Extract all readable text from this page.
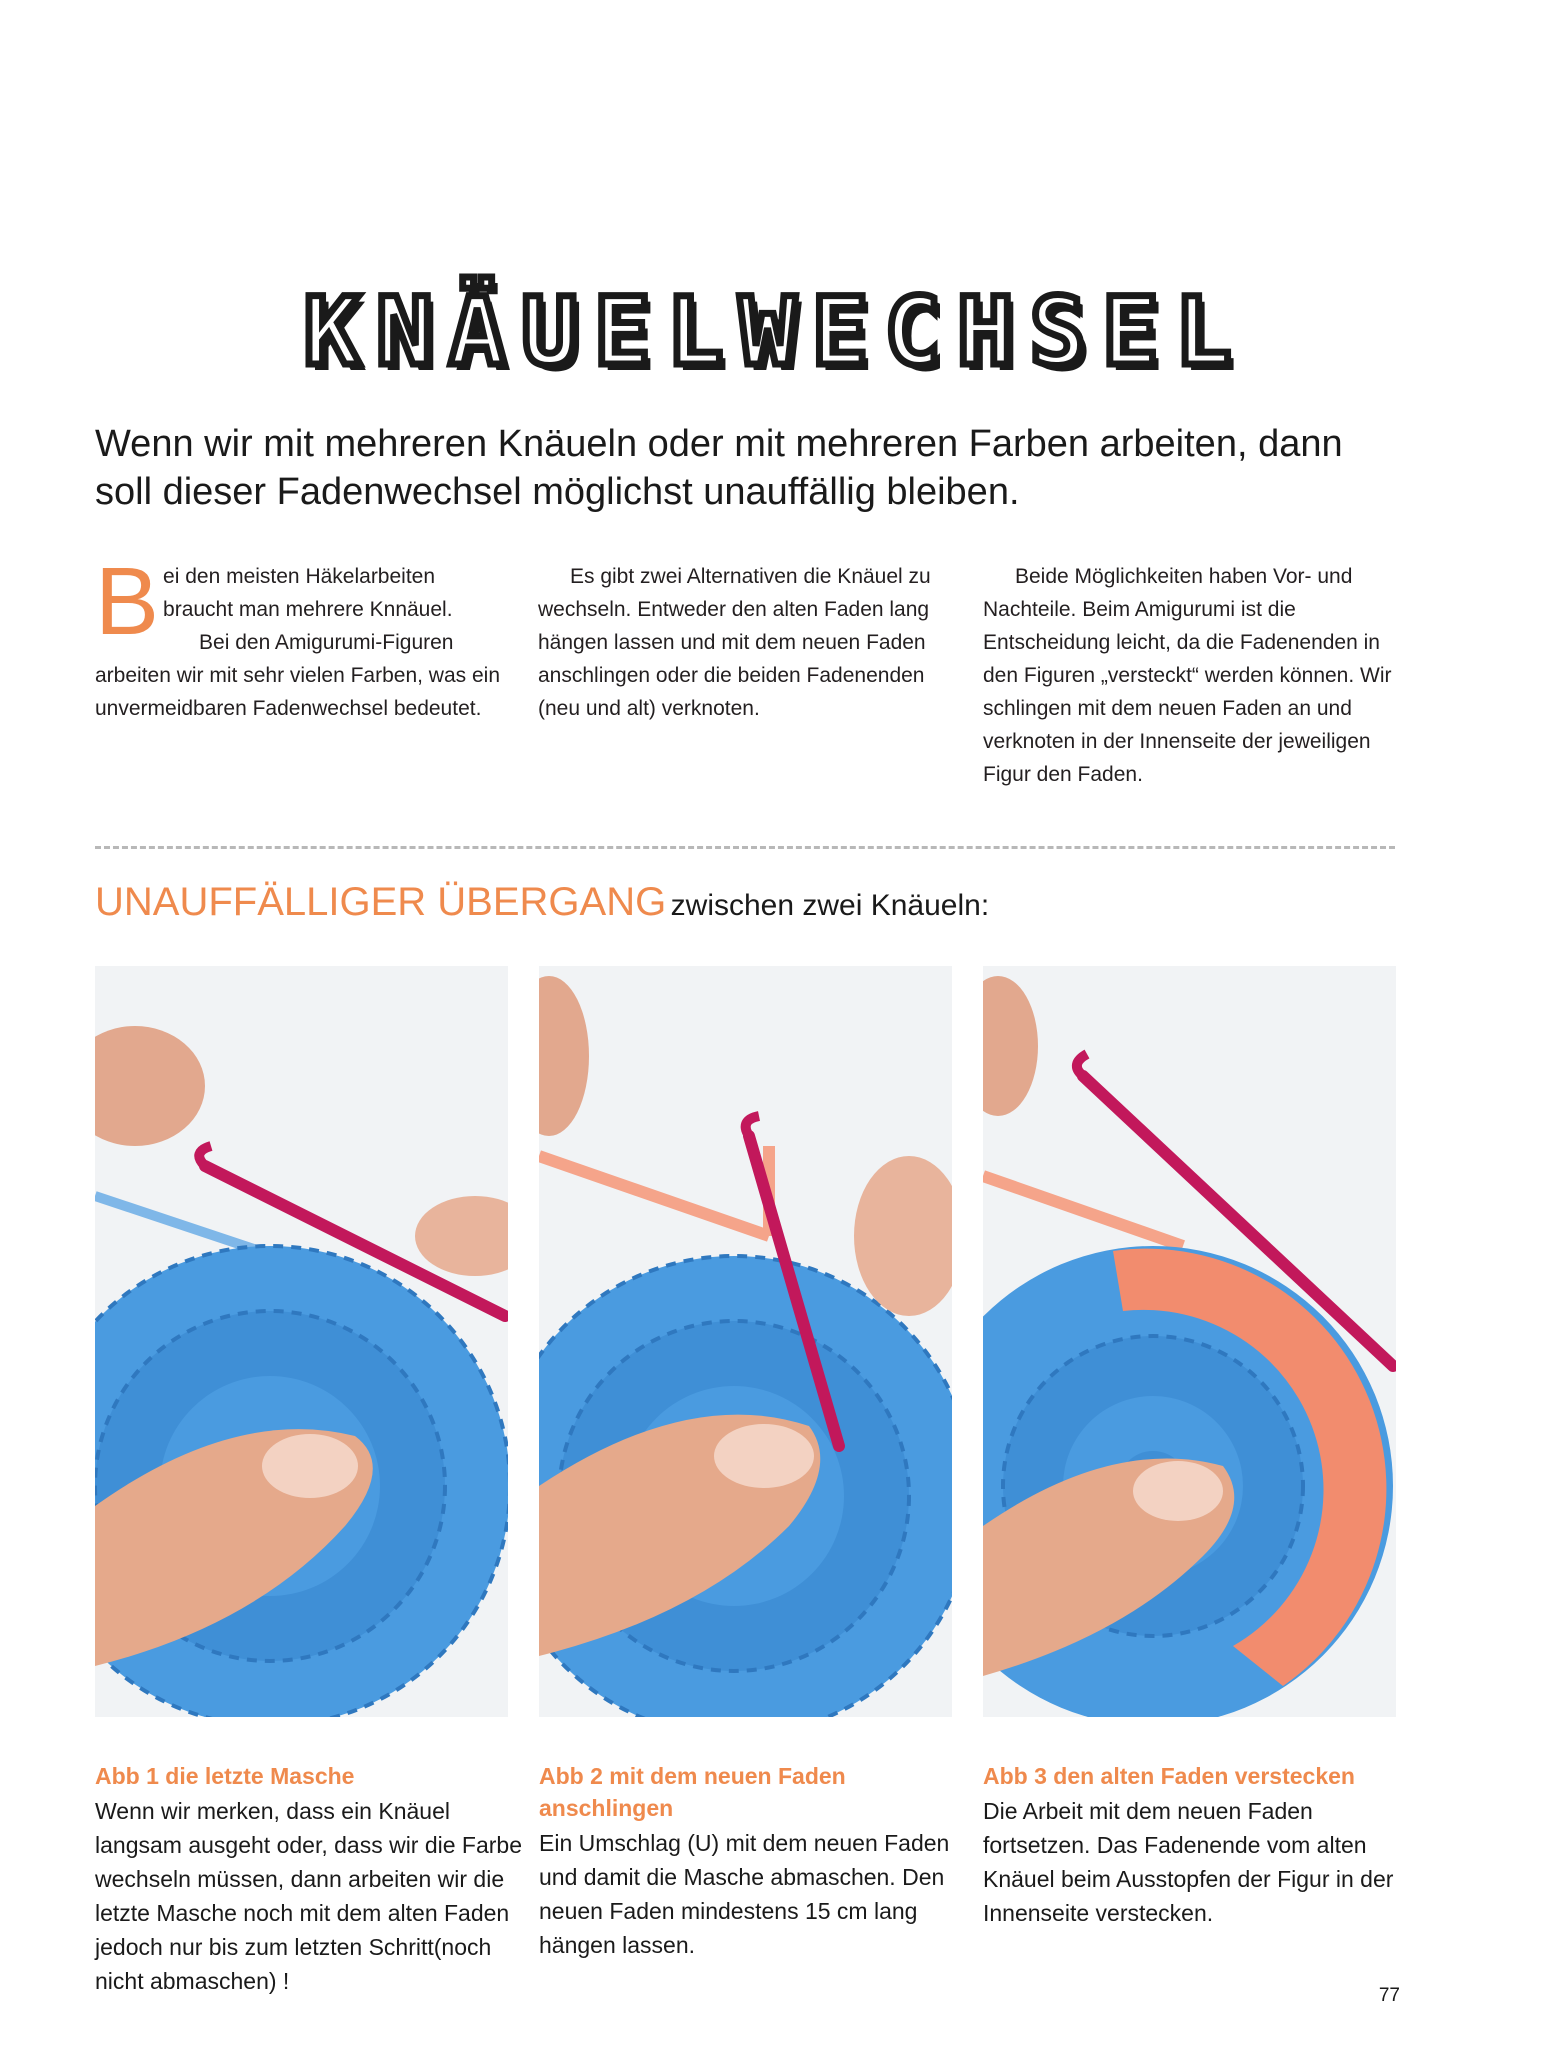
KNÄUELWECHSEL
Wenn wir mit mehreren Knäueln oder mit mehreren Farben arbeiten, dann soll dieser Fadenwechsel möglichst unauffällig bleiben.

Bei den meisten Häkelarbeiten braucht man mehrere Knnäuel.

Bei den Amigurumi-Figuren arbeiten wir mit sehr vielen Farben, was ein unvermeidbaren Fadenwechsel bedeutet.

Es gibt zwei Alternativen die Knäuel zu wechseln. Entweder den alten Faden lang hängen lassen und mit dem neuen Faden anschlingen oder die beiden Fadenenden (neu und alt) verknoten.

Beide Möglichkeiten haben Vor- und Nachteile. Beim Amigurumi ist die Entscheidung leicht, da die Fadenenden in den Figuren „versteckt“ werden können. Wir schlingen mit dem neuen Faden an und verknoten in der Innenseite der jeweiligen Figur den Faden.

UNAUFFÄLLIGER ÜBERGANG zwischen zwei Knäueln:
Abb 1 die letzte Masche

Wenn wir merken, dass ein Knäuel langsam ausgeht oder, dass wir die Farbe wechseln müssen, dann arbeiten wir die letzte Masche noch mit dem alten Faden jedoch nur bis zum letzten Schritt(noch nicht abmaschen) !

Abb 2 mit dem neuen Faden anschlingen

Ein Umschlag (U) mit dem neuen Faden und damit die Masche abmaschen. Den neuen Faden mindestens 15 cm lang hängen lassen.

Abb 3 den alten Faden verstecken

Die Arbeit mit dem neuen Faden fortsetzen. Das Fadenende vom alten Knäuel beim Ausstopfen der Figur in der Innenseite verstecken.

77
